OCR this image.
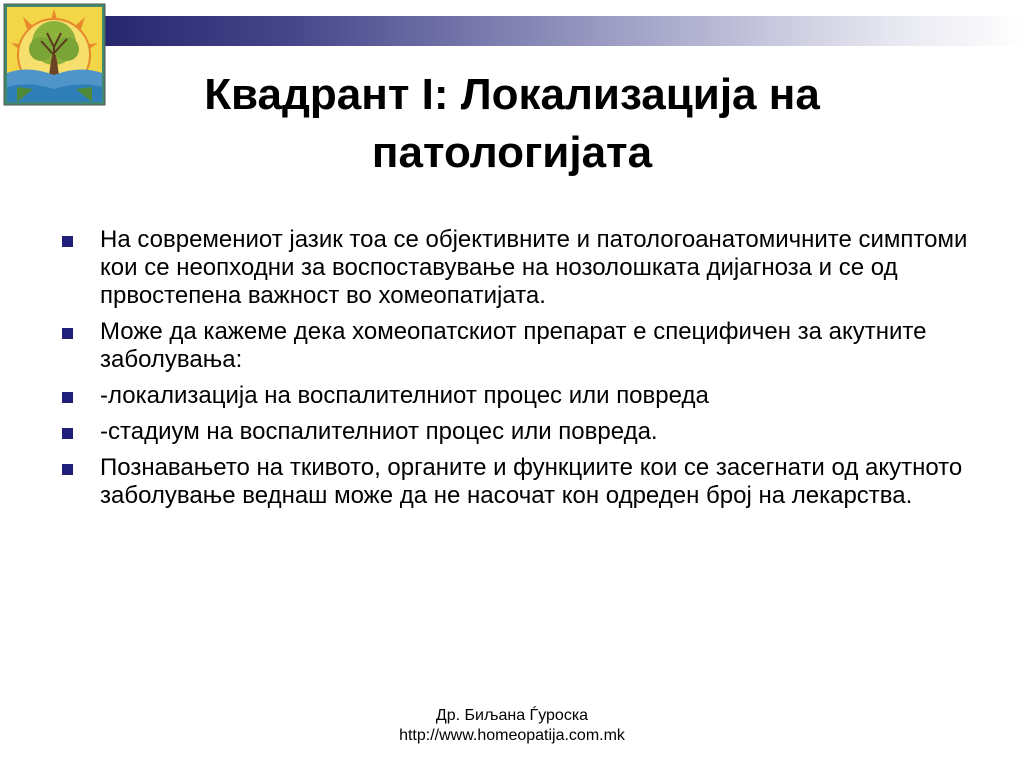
Квадрант I: Локализација на
патологијата
На современиот јазик тоа се објективните и патологоанатомичните симптоми кои се неопходни за воспоставување на нозолошката дијагноза и се од првостепена важност во хомеопатијата.
Може да кажеме дека хомеопатскиот препарат е специфичен за акутните заболувања:
-локализација на воспалителниот процес или повреда
-стадиум на воспалителниот процес или повреда.
Познавањето на ткивото, органите и функциите кои се засегнати од акутното заболување веднаш може да не насочат кон одреден број на лекарства.
Др. Биљана Ѓуроска
http://www.homeopatija.com.mk
